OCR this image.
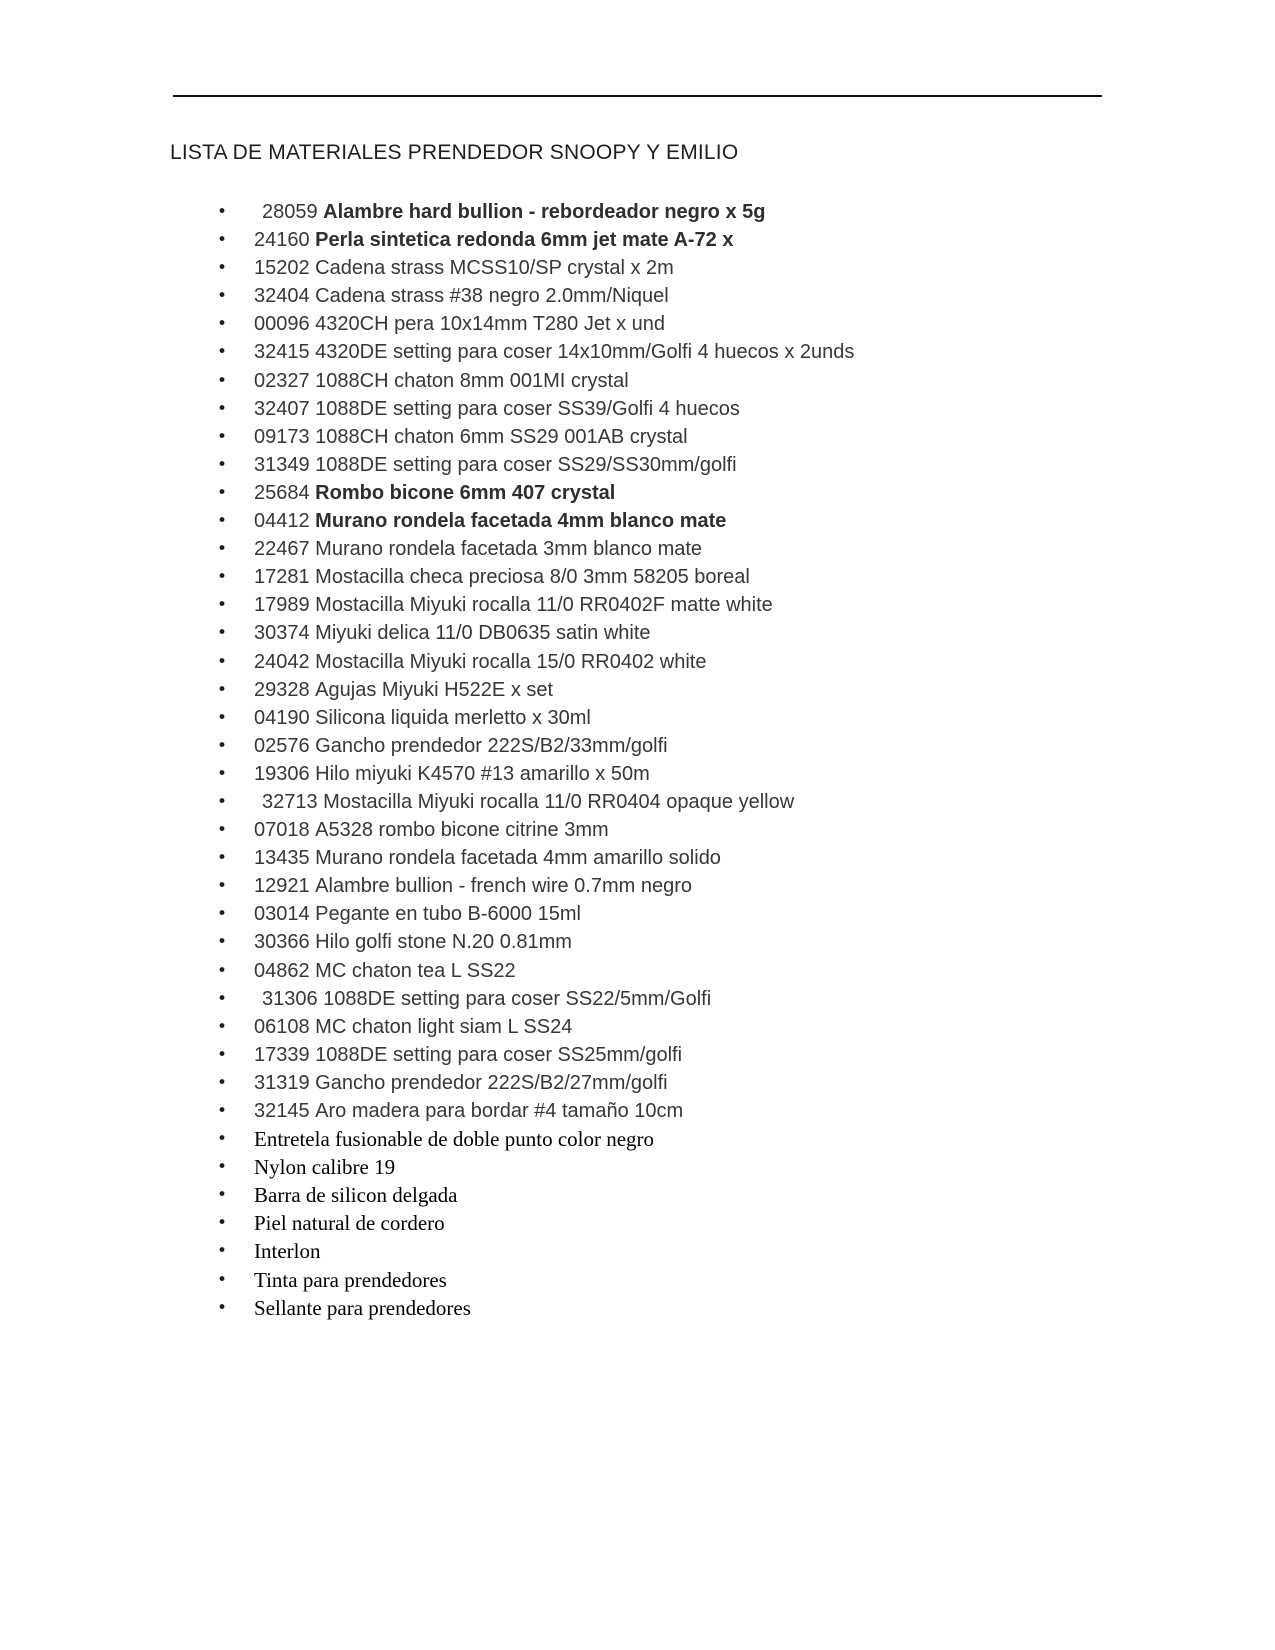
LISTA DE MATERIALES PRENDEDOR SNOOPY Y EMILIO
• 28059 Alambre hard bullion - rebordeador negro x 5g
• 24160 Perla sintetica redonda 6mm jet mate A-72 x
• 15202 Cadena strass MCSS10/SP crystal x 2m
• 32404 Cadena strass #38 negro 2.0mm/Niquel
• 00096 4320CH pera 10x14mm T280 Jet x und
• 32415 4320DE setting para coser 14x10mm/Golfi 4 huecos x 2unds
• 02327 1088CH chaton 8mm 001MI crystal
• 32407 1088DE setting para coser SS39/Golfi 4 huecos
• 09173 1088CH chaton 6mm SS29 001AB crystal
• 31349 1088DE setting para coser SS29/SS30mm/golfi
• 25684 Rombo bicone 6mm 407 crystal
• 04412 Murano rondela facetada 4mm blanco mate
• 22467 Murano rondela facetada 3mm blanco mate
• 17281 Mostacilla checa preciosa 8/0 3mm 58205 boreal
• 17989 Mostacilla Miyuki rocalla 11/0 RR0402F matte white
• 30374 Miyuki delica 11/0 DB0635 satin white
• 24042 Mostacilla Miyuki rocalla 15/0 RR0402 white
• 29328 Agujas Miyuki H522E x set
• 04190 Silicona liquida merletto x 30ml
• 02576 Gancho prendedor 222S/B2/33mm/golfi
• 19306 Hilo miyuki K4570 #13 amarillo x 50m
• 32713 Mostacilla Miyuki rocalla 11/0 RR0404 opaque yellow
• 07018 A5328 rombo bicone citrine 3mm
• 13435 Murano rondela facetada 4mm amarillo solido
• 12921 Alambre bullion - french wire 0.7mm negro
• 03014 Pegante en tubo B-6000 15ml
• 30366 Hilo golfi stone N.20 0.81mm
• 04862 MC chaton tea L SS22
• 31306 1088DE setting para coser SS22/5mm/Golfi
• 06108 MC chaton light siam L SS24
• 17339 1088DE setting para coser SS25mm/golfi
• 31319 Gancho prendedor 222S/B2/27mm/golfi
• 32145 Aro madera para bordar #4 tamaño 10cm
• Entretela fusionable de doble punto color negro
• Nylon calibre 19
• Barra de silicon delgada
• Piel natural de cordero
• Interlon
• Tinta para prendedores
• Sellante para prendedores
